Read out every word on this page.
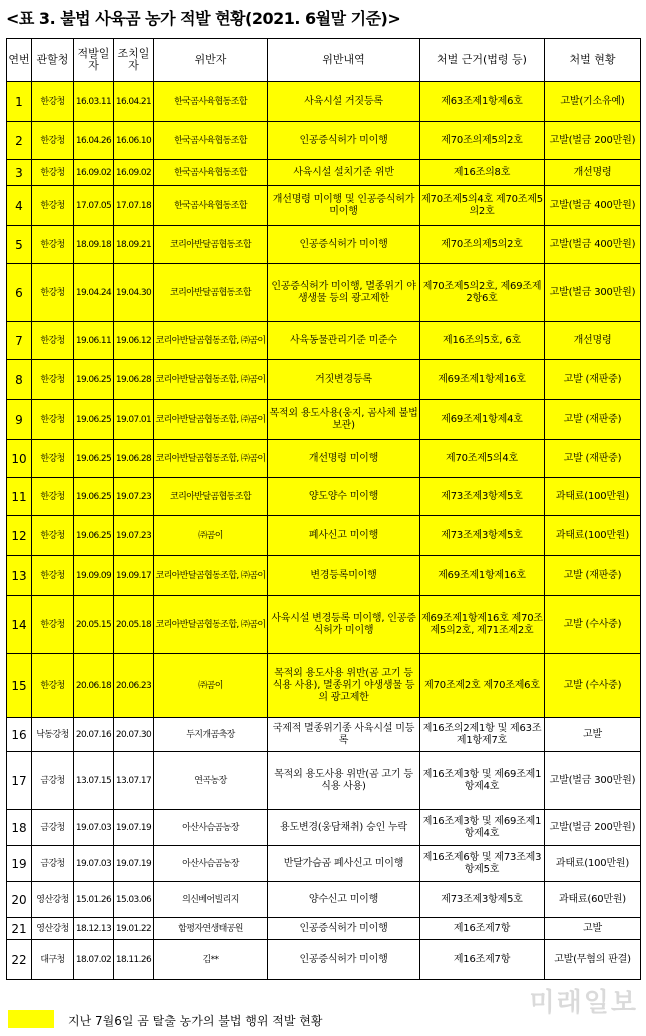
<표 3. 불법 사육곰 농가 적발 현황(2021. 6월말 기준)>
연번	관할청	적발일자	조치일자	위반자	위반내역	처벌 근거(법령 등)	처벌 현황
1	한강청	16.03.11	16.04.21	한국곰사육협동조합	사육시설 거짓등록	제63조제1항제6호	고발(기소유예)
2	한강청	16.04.26	16.06.10	한국곰사육협동조합	인공증식허가 미이행	제70조의제5의2호	고발(벌금 200만원)
3	한강청	16.09.02	16.09.02	한국곰사육협동조합	사육시설 설치기준 위반	제16조의8호	개선명령
4	한강청	17.07.05	17.07.18	한국곰사육협동조합	개선명령 미이행 및 인공증식허가 미이행	제70조제5의4호 제70조제5의2호	고발(벌금 400만원)
5	한강청	18.09.18	18.09.21	코리아반달곰협동조합	인공증식허가 미이행	제70조의제5의2호	고발(벌금 400만원)
6	한강청	19.04.24	19.04.30	코리아반달곰협동조합	인공증식허가 미이행, 멸종위기 야생생물 등의 광고제한	제70조제5의2호, 제69조제2항6호	고발(벌금 300만원)
7	한강청	19.06.11	19.06.12	코리아반달곰협동조합, ㈜곰이	사육동물관리기준 미준수	제16조의5호, 6호	개선명령
8	한강청	19.06.25	19.06.28	코리아반달곰협동조합, ㈜곰이	거짓변경등록	제69조제1항제16호	고발 (재판중)
9	한강청	19.06.25	19.07.01	코리아반달곰협동조합, ㈜곰이	목적외 용도사용(웅지, 곰사체 불법보관)	제69조제1항제4호	고발 (재판중)
10	한강청	19.06.25	19.06.28	코리아반달곰협동조합, ㈜곰이	개선명령 미이행	제70조제5의4호	고발 (재판중)
11	한강청	19.06.25	19.07.23	코리아반달곰협동조합	양도양수 미이행	제73조제3항제5호	과태료(100만원)
12	한강청	19.06.25	19.07.23	㈜곰이	폐사신고 미이행	제73조제3항제5호	과태료(100만원)
13	한강청	19.09.09	19.09.17	코리아반달곰협동조합, ㈜곰이	변경등록미이행	제69조제1항제16호	고발 (재판중)
14	한강청	20.05.15	20.05.18	코리아반달곰협동조합, ㈜곰이	사육시설 변경등록 미이행, 인공증식허가 미이행	제69조제1항제16호 제70조제5의2호, 제71조제2호	고발 (수사중)
15	한강청	20.06.18	20.06.23	㈜곰이	목적외 용도사용 위반(곰 고기 등 식용 사용), 멸종위기 야생생물 등의 광고제한	제70조제2호 제70조제6호	고발 (수사중)
16	낙동강청	20.07.16	20.07.30	두지개곰축장	국제적 멸종위기종 사육시설 미등록	제16조의2제1항 및 제63조제1항제7호	고발
17	금강청	13.07.15	13.07.17	연곡농장	목적외 용도사용 위반(곰 고기 등 식용 사용)	제16조제3항 및 제69조제1항제4호	고발(벌금 300만원)
18	금강청	19.07.03	19.07.19	아산사슴곰농장	용도변경(웅담채취) 승인 누락	제16조제3항 및 제69조제1항제4호	고발(벌금 200만원)
19	금강청	19.07.03	19.07.19	아산사슴곰농장	반달가슴곰 폐사신고 미이행	제16조제6항 및 제73조제3항제5호	과태료(100만원)
20	영산강청	15.01.26	15.03.06	의신베어빌리지	양수신고 미이행	제73조제3항제5호	과태료(60만원)
21	영산강청	18.12.13	19.01.22	함평자연생태공원	인공증식허가 미이행	제16조제7항	고발
22	대구청	18.07.02	18.11.26	김**	인공증식허가 미이행	제16조제7항	고발(무혐의 판결)
지난 7월6일 곰 탈출 농가의 불법 행위 적발 현황
미래일보
